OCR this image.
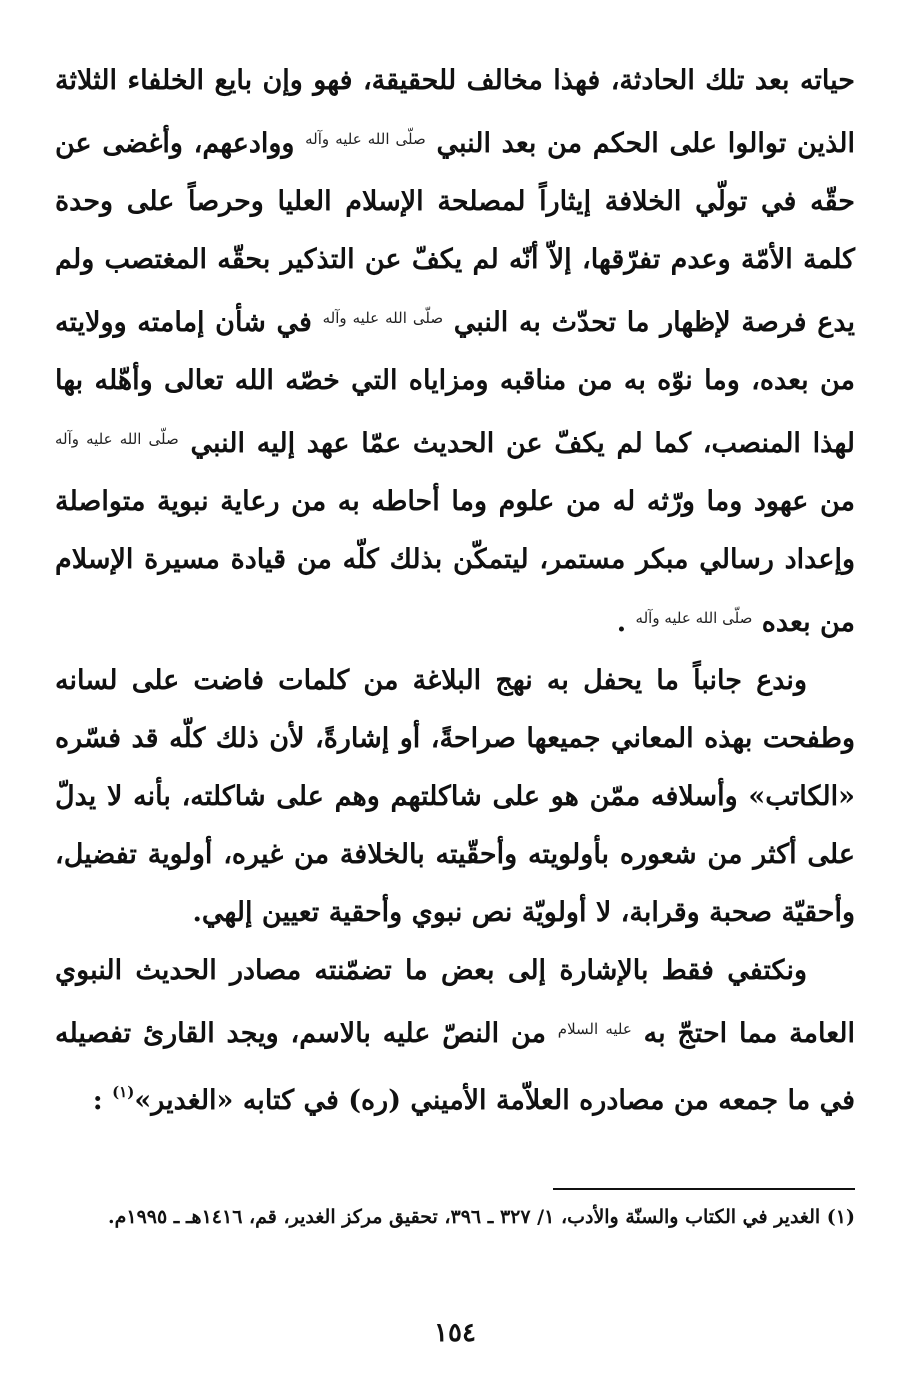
حياته بعد تلك الحادثة، فهذا مخالف للحقيقة، فهو وإن بايع الخلفاء الثلاثة الذين توالوا على الحكم من بعد النبي $^{صلّى الله عليه وآله}$ ووادعهم، وأغضى عن حقّه في تولّي الخلافة إيثاراً لمصلحة الإسلام العليا وحرصاً على وحدة كلمة الأمّة وعدم تفرّقها، إلاّ أنّه لم يكفّ عن التذكير بحقّه المغتصب ولم يدع فرصة لإظهار ما تحدّث به النبي $^{صلّى الله عليه وآله}$ في شأن إمامته وولايته من بعده، وما نوّه به من مناقبه ومزاياه التي خصّه الله تعالى وأهّله بها لهذا المنصب، كما لم يكفّ عن الحديث عمّا عهد إليه النبي $^{صلّى الله عليه وآله}$ من عهود وما ورّثه له من علوم وما أحاطه به من رعاية نبوية متواصلة وإعداد رسالي مبكر مستمر، ليتمكّن بذلك كلّه من قيادة مسيرة الإسلام من بعده $^{صلّى الله عليه وآله}$ .

وندع جانباً ما يحفل به نهج البلاغة من كلمات فاضت على لسانه وطفحت بهذه المعاني جميعها صراحةً، أو إشارةً، لأن ذلك كلّه قد فسّره «الكاتب» وأسلافه ممّن هو على شاكلتهم وهم على شاكلته، بأنه لا يدلّ على أكثر من شعوره بأولويته وأحقّيته بالخلافة من غيره، أولوية تفضيل، وأحقيّة صحبة وقرابة، لا أولويّة نص نبوي وأحقية تعيين إلهي.

ونكتفي فقط بالإشارة إلى بعض ما تضمّنته مصادر الحديث النبوي العامة مما احتجّ به $^{عليه السلام}$ من النصّ عليه بالاسم، ويجد القارئ تفصيله في ما جمعه من مصادره العلاّمة الأميني (ره) في كتابه «الغدير»$^{(١)}$ :

(١) الغدير في الكتاب والسنّة والأدب، ١/ ٣٢٧ ـ ٣٩٦، تحقيق مركز الغدير، قم، ١٤١٦هـ ـ ١٩٩٥م.

١٥٤
